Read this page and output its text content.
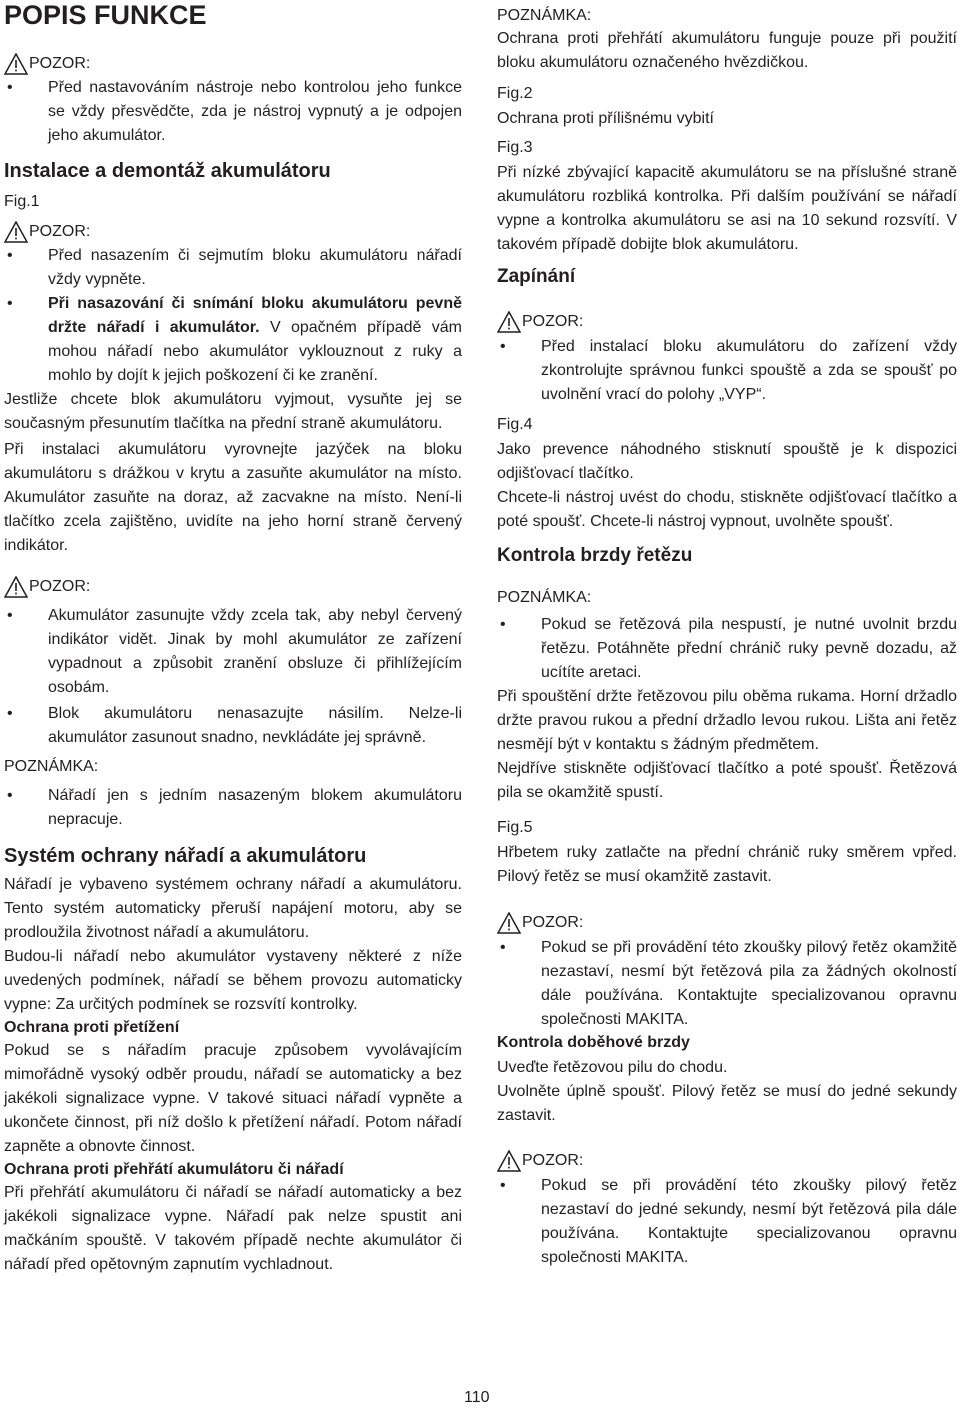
POPIS FUNKCE
POZOR:
• Před nastavováním nástroje nebo kontrolou jeho funkce se vždy přesvědčte, zda je nástroj vypnutý a je odpojen jeho akumulátor.
Instalace a demontáž akumulátoru
Fig.1
POZOR:
• Před nasazením či sejmutím bloku akumulátoru nářadí vždy vypněte.
• Při nasazování či snímání bloku akumulátoru pevně držte nářadí i akumulátor. V opačném případě vám mohou nářadí nebo akumulátor vyklouznout z ruky a mohlo by dojít k jejich poškození či ke zranění.

Jestliže chcete blok akumulátoru vyjmout, vysuňte jej se současným přesunutím tlačítka na přední straně akumulátoru.

Při instalaci akumulátoru vyrovnejte jazýček na bloku akumulátoru s drážkou v krytu a zasuňte akumulátor na místo. Akumulátor zasuňte na doraz, až zacvakne na místo. Není-li tlačítko zcela zajištěno, uvidíte na jeho horní straně červený indikátor.

POZOR:
• Akumulátor zasunujte vždy zcela tak, aby nebyl červený indikátor vidět. Jinak by mohl akumulátor ze zařízení vypadnout a způsobit zranění obsluze či přihlížejícím osobám.
• Blok akumulátoru nenasazujte násilím. Nelze-li akumulátor zasunout snadno, nevkládáte jej správně.
POZNÁMKA:
• Nářadí jen s jedním nasazeným blokem akumulátoru nepracuje.
Systém ochrany nářadí a akumulátoru

Nářadí je vybaveno systémem ochrany nářadí a akumulátoru. Tento systém automaticky přeruší napájení motoru, aby se prodloužila životnost nářadí a akumulátoru.

Budou-li nářadí nebo akumulátor vystaveny některé z níže uvedených podmínek, nářadí se během provozu automaticky vypne: Za určitých podmínek se rozsvítí kontrolky.

Ochrana proti přetížení

Pokud se s nářadím pracuje způsobem vyvolávajícím mimořádně vysoký odběr proudu, nářadí se automaticky a bez jakékoli signalizace vypne. V takové situaci nářadí vypněte a ukončete činnost, při níž došlo k přetížení nářadí. Potom nářadí zapněte a obnovte činnost.

Ochrana proti přehřátí akumulátoru či nářadí

Při přehřátí akumulátoru či nářadí se nářadí automaticky a bez jakékoli signalizace vypne. Nářadí pak nelze spustit ani mačkáním spouště. V takovém případě nechte akumulátor či nářadí před opětovným zapnutím vychladnout.

POZNÁMKA:

Ochrana proti přehřátí akumulátoru funguje pouze při použití bloku akumulátoru označeného hvězdičkou.

Fig.2
Ochrana proti přílišnému vybití
Fig.3

Při nízké zbývající kapacitě akumulátoru se na příslušné straně akumulátoru rozbliká kontrolka. Při dalším používání se nářadí vypne a kontrolka akumulátoru se asi na 10 sekund rozsvítí. V takovém případě dobijte blok akumulátoru.

Zapínání
POZOR:
• Před instalací bloku akumulátoru do zařízení vždy zkontrolujte správnou funkci spouště a zda se spoušť po uvolnění vrací do polohy „VYP“.
Fig.4

Jako prevence náhodného stisknutí spouště je k dispozici odjišťovací tlačítko.

Chcete-li nástroj uvést do chodu, stiskněte odjišťovací tlačítko a poté spoušť. Chcete-li nástroj vypnout, uvolněte spoušť.

Kontrola brzdy řetězu
POZNÁMKA:
• Pokud se řetězová pila nespustí, je nutné uvolnit brzdu řetězu. Potáhněte přední chránič ruky pevně dozadu, až ucítíte aretaci.

Při spouštění držte řetězovou pilu oběma rukama. Horní držadlo držte pravou rukou a přední držadlo levou rukou. Lišta ani řetěz nesmějí být v kontaktu s žádným předmětem.

Nejdříve stiskněte odjišťovací tlačítko a poté spoušť. Řetězová pila se okamžitě spustí.

Fig.5

Hřbetem ruky zatlačte na přední chránič ruky směrem vpřed. Pilový řetěz se musí okamžitě zastavit.

POZOR:
• Pokud se při provádění této zkoušky pilový řetěz okamžitě nezastaví, nesmí být řetězová pila za žádných okolností dále používána. Kontaktujte specializovanou opravnu společnosti MAKITA.
Kontrola doběhové brzdy

Uveďte řetězovou pilu do chodu.

Uvolněte úplně spoušť. Pilový řetěz se musí do jedné sekundy zastavit.

POZOR:
• Pokud se při provádění této zkoušky pilový řetěz nezastaví do jedné sekundy, nesmí být řetězová pila dále používána. Kontaktujte specializovanou opravnu společnosti MAKITA.
110
